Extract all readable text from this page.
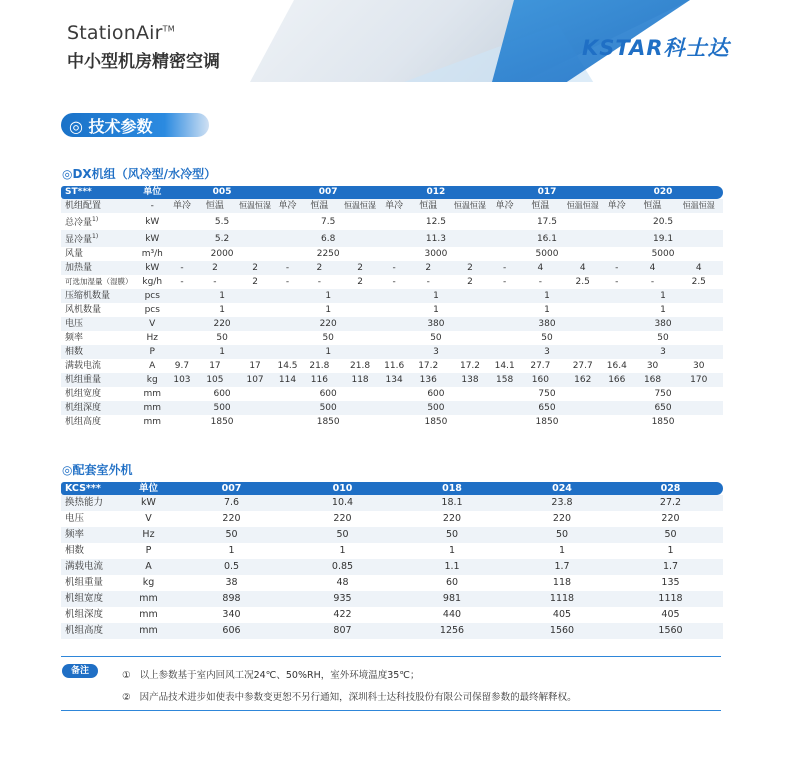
StationAir™
中小型机房精密空调
KSTAR科士达
◎ 技术参数
◎DX机组（风冷型/水冷型）
ST***	单位	005			007			012			017			020		
机组配置	-	单冷	恒温	恒温恒湿	单冷	恒温	恒温恒湿	单冷	恒温	恒温恒湿	单冷	恒温	恒温恒湿	单冷	恒温	恒温恒湿
总冷量$^{1)}$	kW	5.5			7.5			12.5			17.5			20.5		
显冷量$^{1)}$	kW	5.2			6.8			11.3			16.1			19.1		
风量	m³/h	2000			2250			3000			5000			5000		
加热量	kW	-	2	2	-	2	2	-	2	2	-	4	4	-	4	4
可选加湿量（湿膜）	kg/h	-	-	2	-	-	2	-	-	2	-	-	2.5	-	-	2.5
压缩机数量	pcs	1			1			1			1			1		
风机数量	pcs	1			1			1			1			1		
电压	V	220			220			380			380			380		
频率	Hz	50			50			50			50			50		
相数	P	1			1			3			3			3		
满载电流	A	9.7	17	17	14.5	21.8	21.8	11.6	17.2	17.2	14.1	27.7	27.7	16.4	30	30
机组重量	kg	103	105	107	114	116	118	134	136	138	158	160	162	166	168	170
机组宽度	mm	600			600			600			750			750		
机组深度	mm	500			500			500			650			650		
机组高度	mm	1850			1850			1850			1850			1850		
◎配套室外机
KCS***	单位	007	010	018	024	028
换热能力	kW	7.6	10.4	18.1	23.8	27.2
电压	V	220	220	220	220	220
频率	Hz	50	50	50	50	50
相数	P	1	1	1	1	1
满载电流	A	0.5	0.85	1.1	1.7	1.7
机组重量	kg	38	48	60	118	135
机组宽度	mm	898	935	981	1118	1118
机组深度	mm	340	422	440	405	405
机组高度	mm	606	807	1256	1560	1560
备注	① 以上参数基于室内回风工况24℃、50%RH，室外环境温度35℃；
② 因产品技术进步如使表中参数变更恕不另行通知，深圳科士达科技股份有限公司保留参数的最终解释权。
